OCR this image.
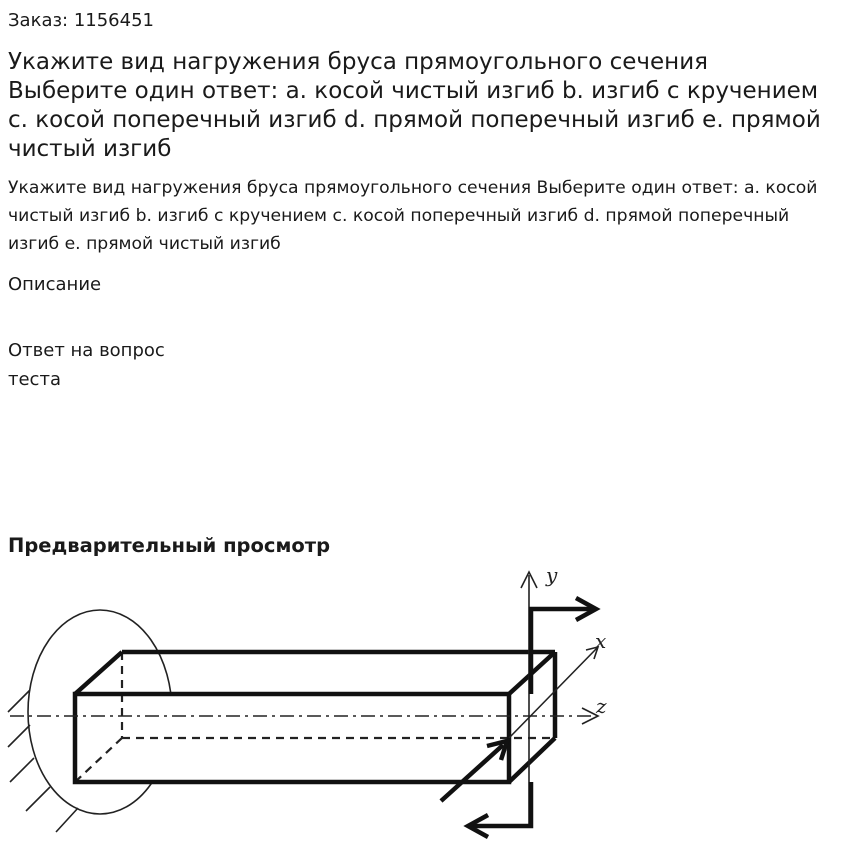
Заказ: 1156451
Укажите вид нагружения бруса прямоугольного сечения Выберите один ответ: a. косой чистый изгиб b. изгиб с кручением c. косой поперечный изгиб d. прямой поперечный изгиб e. прямой чистый изгиб

Укажите вид нагружения бруса прямоугольного сечения Выберите один ответ: a. косой чистый изгиб b. изгиб с кручением c. косой поперечный изгиб d. прямой поперечный изгиб e. прямой чистый изгиб

Описание
Ответ на вопрос теста
Предварительный просмотр
y
x
z
